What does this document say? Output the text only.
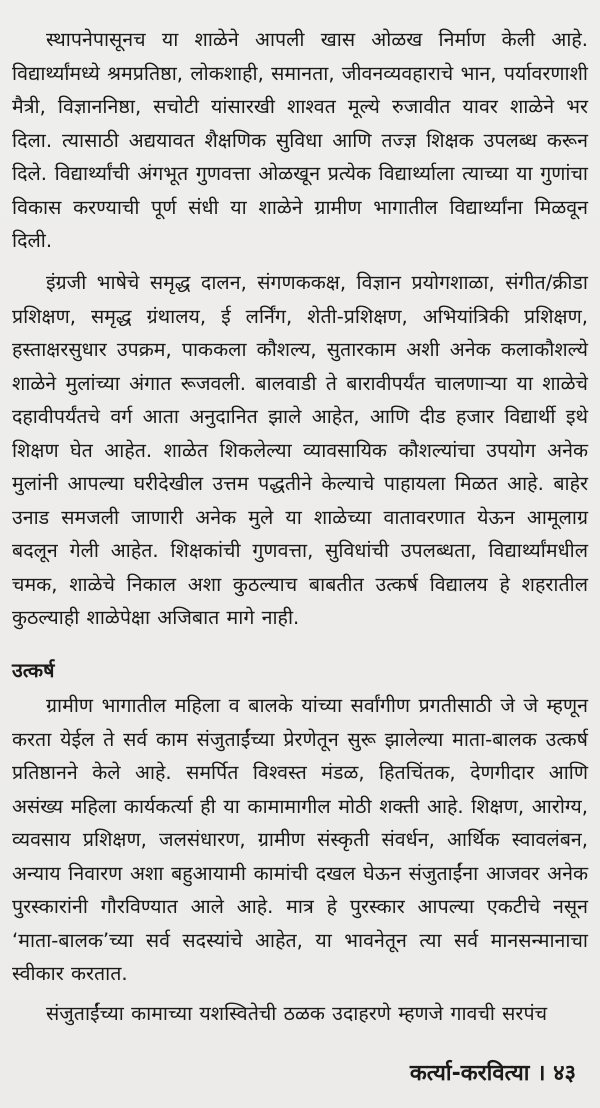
स्थापनेपासूनच या शाळेने आपली खास ओळख निर्माण केली आहे. विद्यार्थ्यांमध्ये श्रमप्रतिष्ठा, लोकशाही, समानता, जीवनव्यवहाराचे भान, पर्यावरणाशी मैत्री, विज्ञाननिष्ठा, सचोटी यांसारखी शाश्वत मूल्ये रुजावीत यावर शाळेने भर दिला. त्यासाठी अद्ययावत शैक्षणिक सुविधा आणि तज्ज्ञ शिक्षक उपलब्ध करून दिले. विद्यार्थ्यांची अंगभूत गुणवत्ता ओळखून प्रत्येक विद्यार्थ्याला त्याच्या या गुणांचा विकास करण्याची पूर्ण संधी या शाळेने ग्रामीण भागातील विद्यार्थ्यांना मिळवून दिली.

इंग्रजी भाषेचे समृद्ध दालन, संगणककक्ष, विज्ञान प्रयोगशाळा, संगीत/क्रीडा प्रशिक्षण, समृद्ध ग्रंथालय, ई लर्निंग, शेती-प्रशिक्षण, अभियांत्रिकी प्रशिक्षण, हस्ताक्षरसुधार उपक्रम, पाककला कौशल्य, सुतारकाम अशी अनेक कलाकौशल्ये शाळेने मुलांच्या अंगात रूजवली. बालवाडी ते बारावीपर्यंत चालणाऱ्या या शाळेचे दहावीपर्यंतचे वर्ग आता अनुदानित झाले आहेत, आणि दीड हजार विद्यार्थी इथे शिक्षण घेत आहेत. शाळेत शिकलेल्या व्यावसायिक कौशल्यांचा उपयोग अनेक मुलांनी आपल्या घरीदेखील उत्तम पद्धतीने केल्याचे पाहायला मिळत आहे. बाहेर उनाड समजली जाणारी अनेक मुले या शाळेच्या वातावरणात येऊन आमूलाग्र बदलून गेली आहेत. शिक्षकांची गुणवत्ता, सुविधांची उपलब्धता, विद्यार्थ्यांमधील चमक, शाळेचे निकाल अशा कुठल्याच बाबतीत उत्कर्ष विद्यालय हे शहरातील कुठल्याही शाळेपेक्षा अजिबात मागे नाही.

उत्कर्ष

ग्रामीण भागातील महिला व बालके यांच्या सर्वांगीण प्रगतीसाठी जे जे म्हणून करता येईल ते सर्व काम संजुताईंच्या प्रेरणेतून सुरू झालेल्या माता-बालक उत्कर्ष प्रतिष्ठानने केले आहे. समर्पित विश्वस्त मंडळ, हितचिंतक, देणगीदार आणि असंख्य महिला कार्यकर्त्या ही या कामामागील मोठी शक्ती आहे. शिक्षण, आरोग्य, व्यवसाय प्रशिक्षण, जलसंधारण, ग्रामीण संस्कृती संवर्धन, आर्थिक स्वावलंबन, अन्याय निवारण अशा बहुआयामी कामांची दखल घेऊन संजुताईंना आजवर अनेक पुरस्कारांनी गौरविण्यात आले आहे. मात्र हे पुरस्कार आपल्या एकटीचे नसून ‘माता-बालक’च्या सर्व सदस्यांचे आहेत, या भावनेतून त्या सर्व मानसन्मानाचा स्वीकार करतात.

संजुताईंच्या कामाच्या यशस्वितेची ठळक उदाहरणे म्हणजे गावची सरपंच

कर्त्या-करवित्या । ४३
